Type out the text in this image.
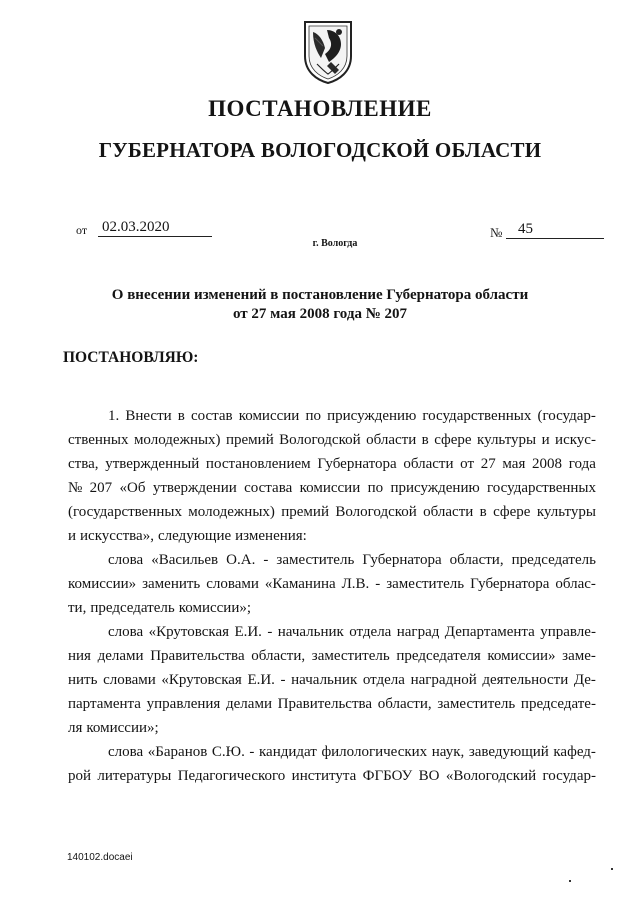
ПОСТАНОВЛЕНИЕ
ГУБЕРНАТОРА ВОЛОГОДСКОЙ ОБЛАСТИ
от 02.03.2020	№	45
г. Вологда
О внесении изменений в постановление Губернатора области
от 27 мая 2008 года № 207
ПОСТАНОВЛЯЮ:
1. Внести в состав комиссии по присуждению государственных (государ-
ственных молодежных) премий Вологодской области в сфере культуры и искус-
ства, утвержденный постановлением Губернатора области от 27 мая 2008 года
№ 207 «Об утверждении состава комиссии по присуждению государственных
(государственных молодежных) премий Вологодской области в сфере культуры
и искусства», следующие изменения:
слова «Васильев О.А. - заместитель Губернатора области, председатель
комиссии» заменить словами «Каманина Л.В. - заместитель Губернатора облас-
ти, председатель комиссии»;
слова «Крутовская Е.И. - начальник отдела наград Департамента управле-
ния делами Правительства области, заместитель председателя комиссии» заме-
нить словами «Крутовская Е.И. - начальник отдела наградной деятельности Де-
партамента управления делами Правительства области, заместитель председате-
ля комиссии»;
слова «Баранов С.Ю. - кандидат филологических наук, заведующий кафед-
рой литературы Педагогического института ФГБОУ ВО «Вологодский государ-
140102.docaei
